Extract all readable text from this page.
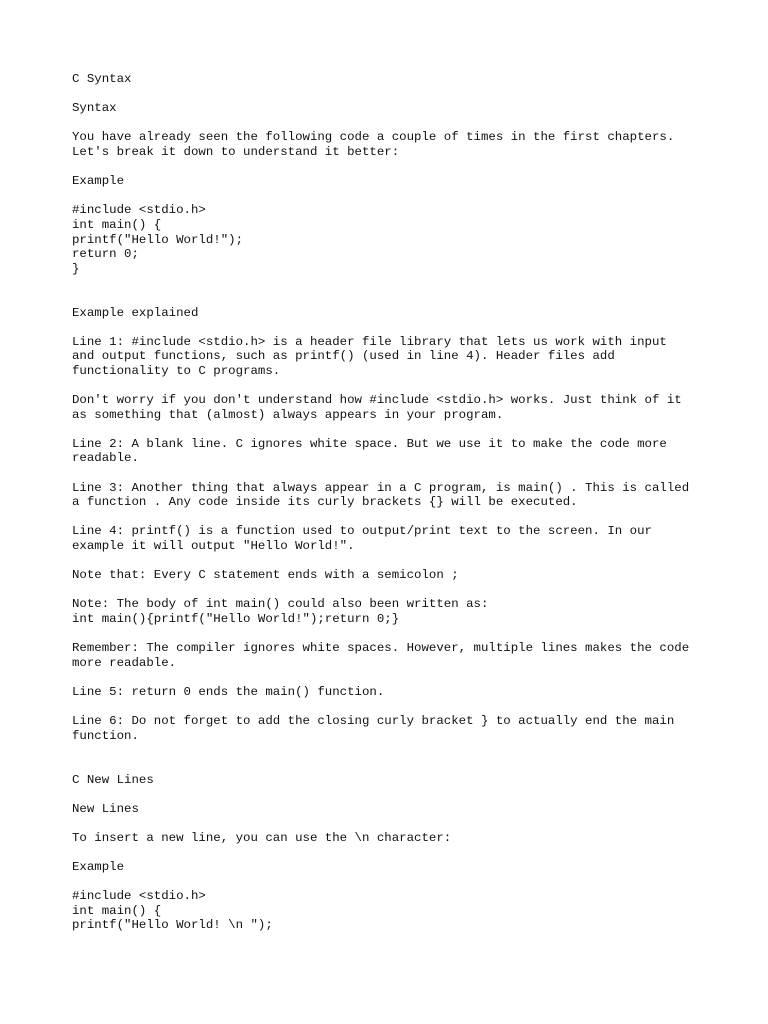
C Syntax
Syntax
You have already seen the following code a couple of times in the first chapters.
Let's break it down to understand it better:
Example
#include <stdio.h>
int main() {
printf("Hello World!");
return 0;
}
Example explained
Line 1: #include <stdio.h> is a header file library that lets us work with input
and output functions, such as printf() (used in line 4). Header files add
functionality to C programs.
Don't worry if you don't understand how #include <stdio.h> works. Just think of it
as something that (almost) always appears in your program.
Line 2: A blank line. C ignores white space. But we use it to make the code more
readable.
Line 3: Another thing that always appear in a C program, is main() . This is called
a function . Any code inside its curly brackets {} will be executed.
Line 4: printf() is a function used to output/print text to the screen. In our
example it will output "Hello World!".
Note that: Every C statement ends with a semicolon ;
Note: The body of int main() could also been written as:
int main(){printf("Hello World!");return 0;}
Remember: The compiler ignores white spaces. However, multiple lines makes the code
more readable.
Line 5: return 0 ends the main() function.
Line 6: Do not forget to add the closing curly bracket } to actually end the main
function.
C New Lines
New Lines
To insert a new line, you can use the \n character:
Example
#include <stdio.h>
int main() {
printf("Hello World! \n ");
